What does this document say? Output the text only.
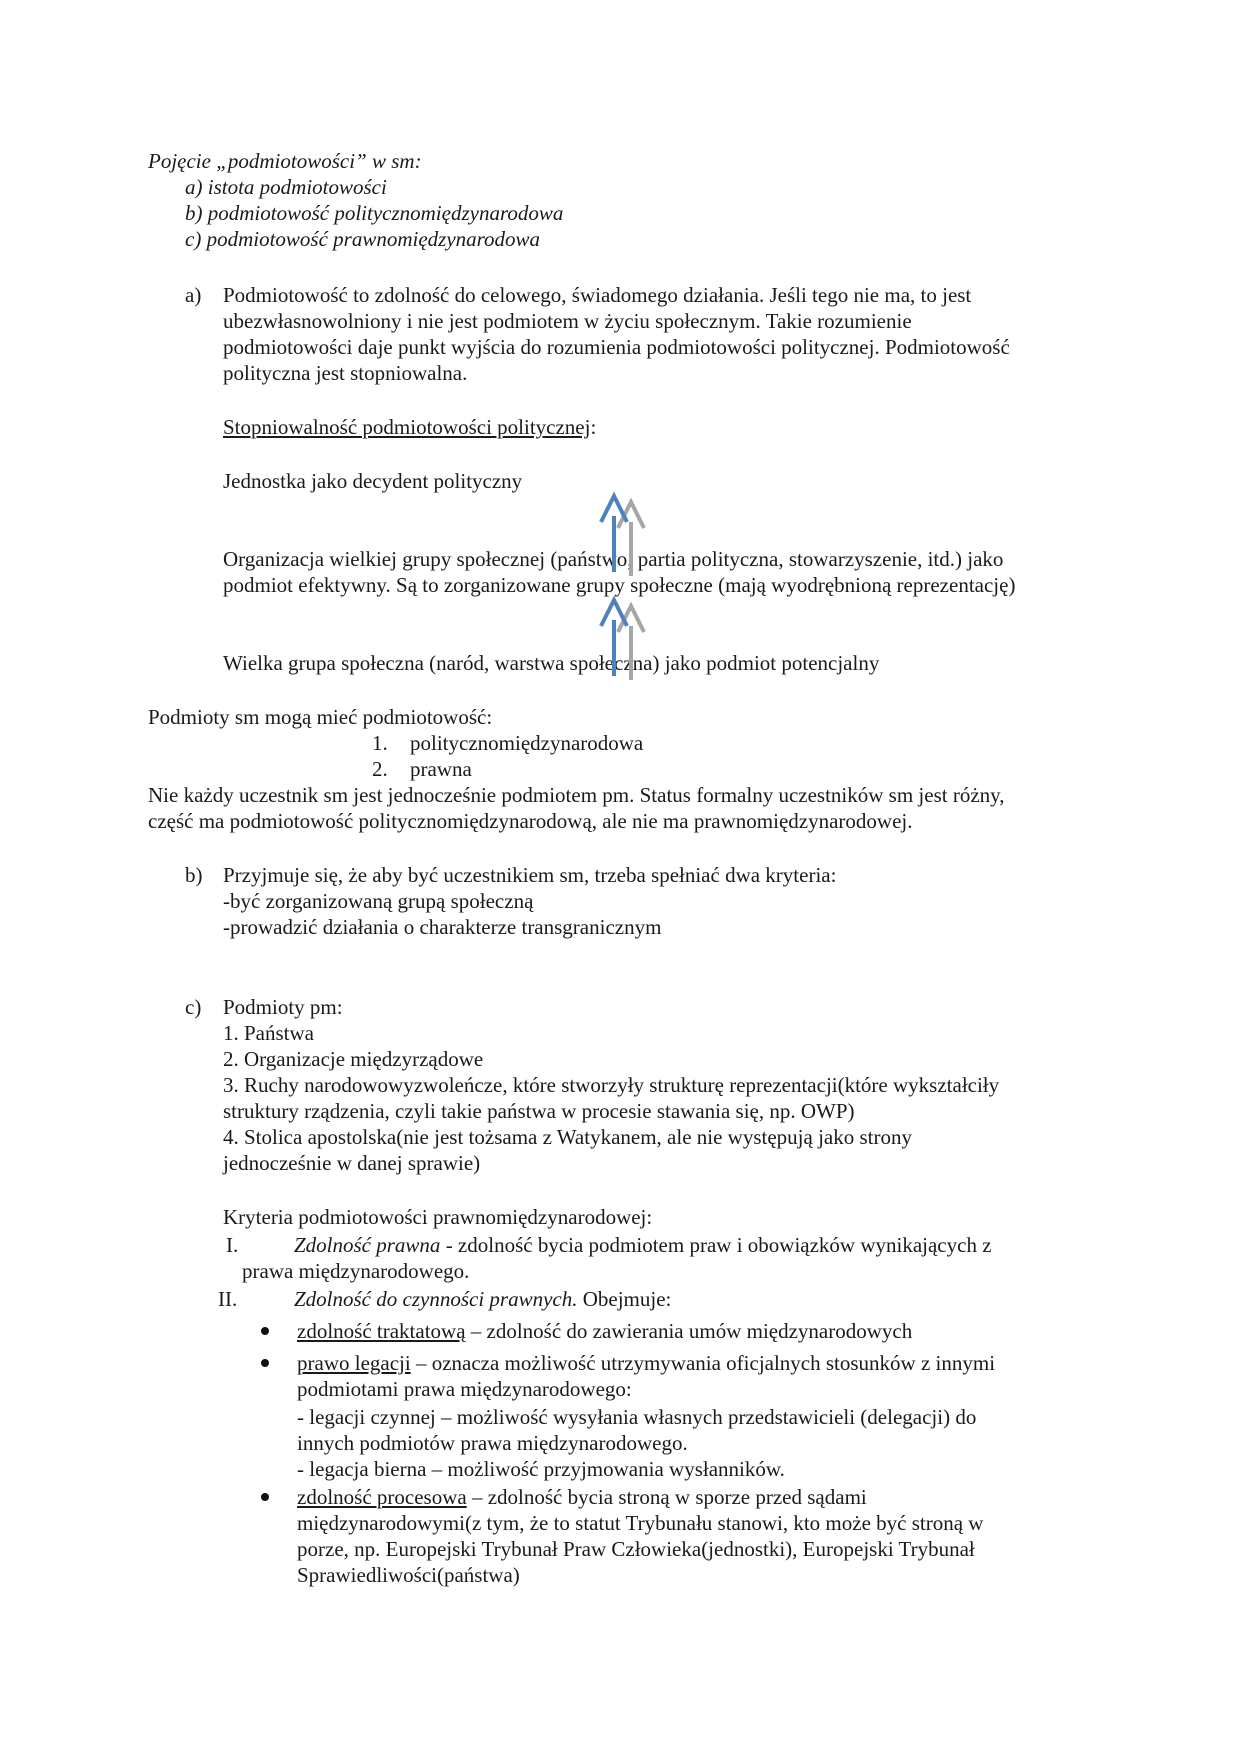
Pojęcie „podmiotowości” w sm:
a) istota podmiotowości
b) podmiotowość politycznomiędzynarodowa
c) podmiotowość prawnomiędzynarodowa
a) Podmiotowość to zdolność do celowego, świadomego działania. Jeśli tego nie ma, to jest
ubezwłasnowolniony i nie jest podmiotem w życiu społecznym. Takie rozumienie
podmiotowości daje punkt wyjścia do rozumienia podmiotowości politycznej. Podmiotowość
polityczna jest stopniowalna.
Stopniowalność podmiotowości politycznej:
Jednostka jako decydent polityczny
Organizacja wielkiej grupy społecznej (państwo, partia polityczna, stowarzyszenie, itd.) jako
podmiot efektywny. Są to zorganizowane grupy społeczne (mają wyodrębnioną reprezentację)
Wielka grupa społeczna (naród, warstwa społeczna) jako podmiot potencjalny
Podmioty sm mogą mieć podmiotowość:
1. politycznomiędzynarodowa
2. prawna
Nie każdy uczestnik sm jest jednocześnie podmiotem pm. Status formalny uczestników sm jest różny,
część ma podmiotowość politycznomiędzynarodową, ale nie ma prawnomiędzynarodowej.
b) Przyjmuje się, że aby być uczestnikiem sm, trzeba spełniać dwa kryteria:
-być zorganizowaną grupą społeczną
-prowadzić działania o charakterze transgranicznym
c) Podmioty pm:
1. Państwa
2. Organizacje międzyrządowe
3. Ruchy narodowowyzwoleńcze, które stworzyły strukturę reprezentacji(które wykształciły
struktury rządzenia, czyli takie państwa w procesie stawania się, np. OWP)
4. Stolica apostolska(nie jest tożsama z Watykanem, ale nie występują jako strony
jednocześnie w danej sprawie)
Kryteria podmiotowości prawnomiędzynarodowej:
I.	Zdolność prawna - zdolność bycia podmiotem praw i obowiązków wynikających z
prawa międzynarodowego.
II.	Zdolność do czynności prawnych. Obejmuje:
zdolność traktatową – zdolność do zawierania umów międzynarodowych
prawo legacji – oznacza możliwość utrzymywania oficjalnych stosunków z innymi
podmiotami prawa międzynarodowego:
- legacji czynnej – możliwość wysyłania własnych przedstawicieli (delegacji) do
innych podmiotów prawa międzynarodowego.
- legacja bierna – możliwość przyjmowania wysłanników.
zdolność procesowa – zdolność bycia stroną w sporze przed sądami
międzynarodowymi(z tym, że to statut Trybunału stanowi, kto może być stroną w
porze, np. Europejski Trybunał Praw Człowieka(jednostki), Europejski Trybunał
Sprawiedliwości(państwa)
